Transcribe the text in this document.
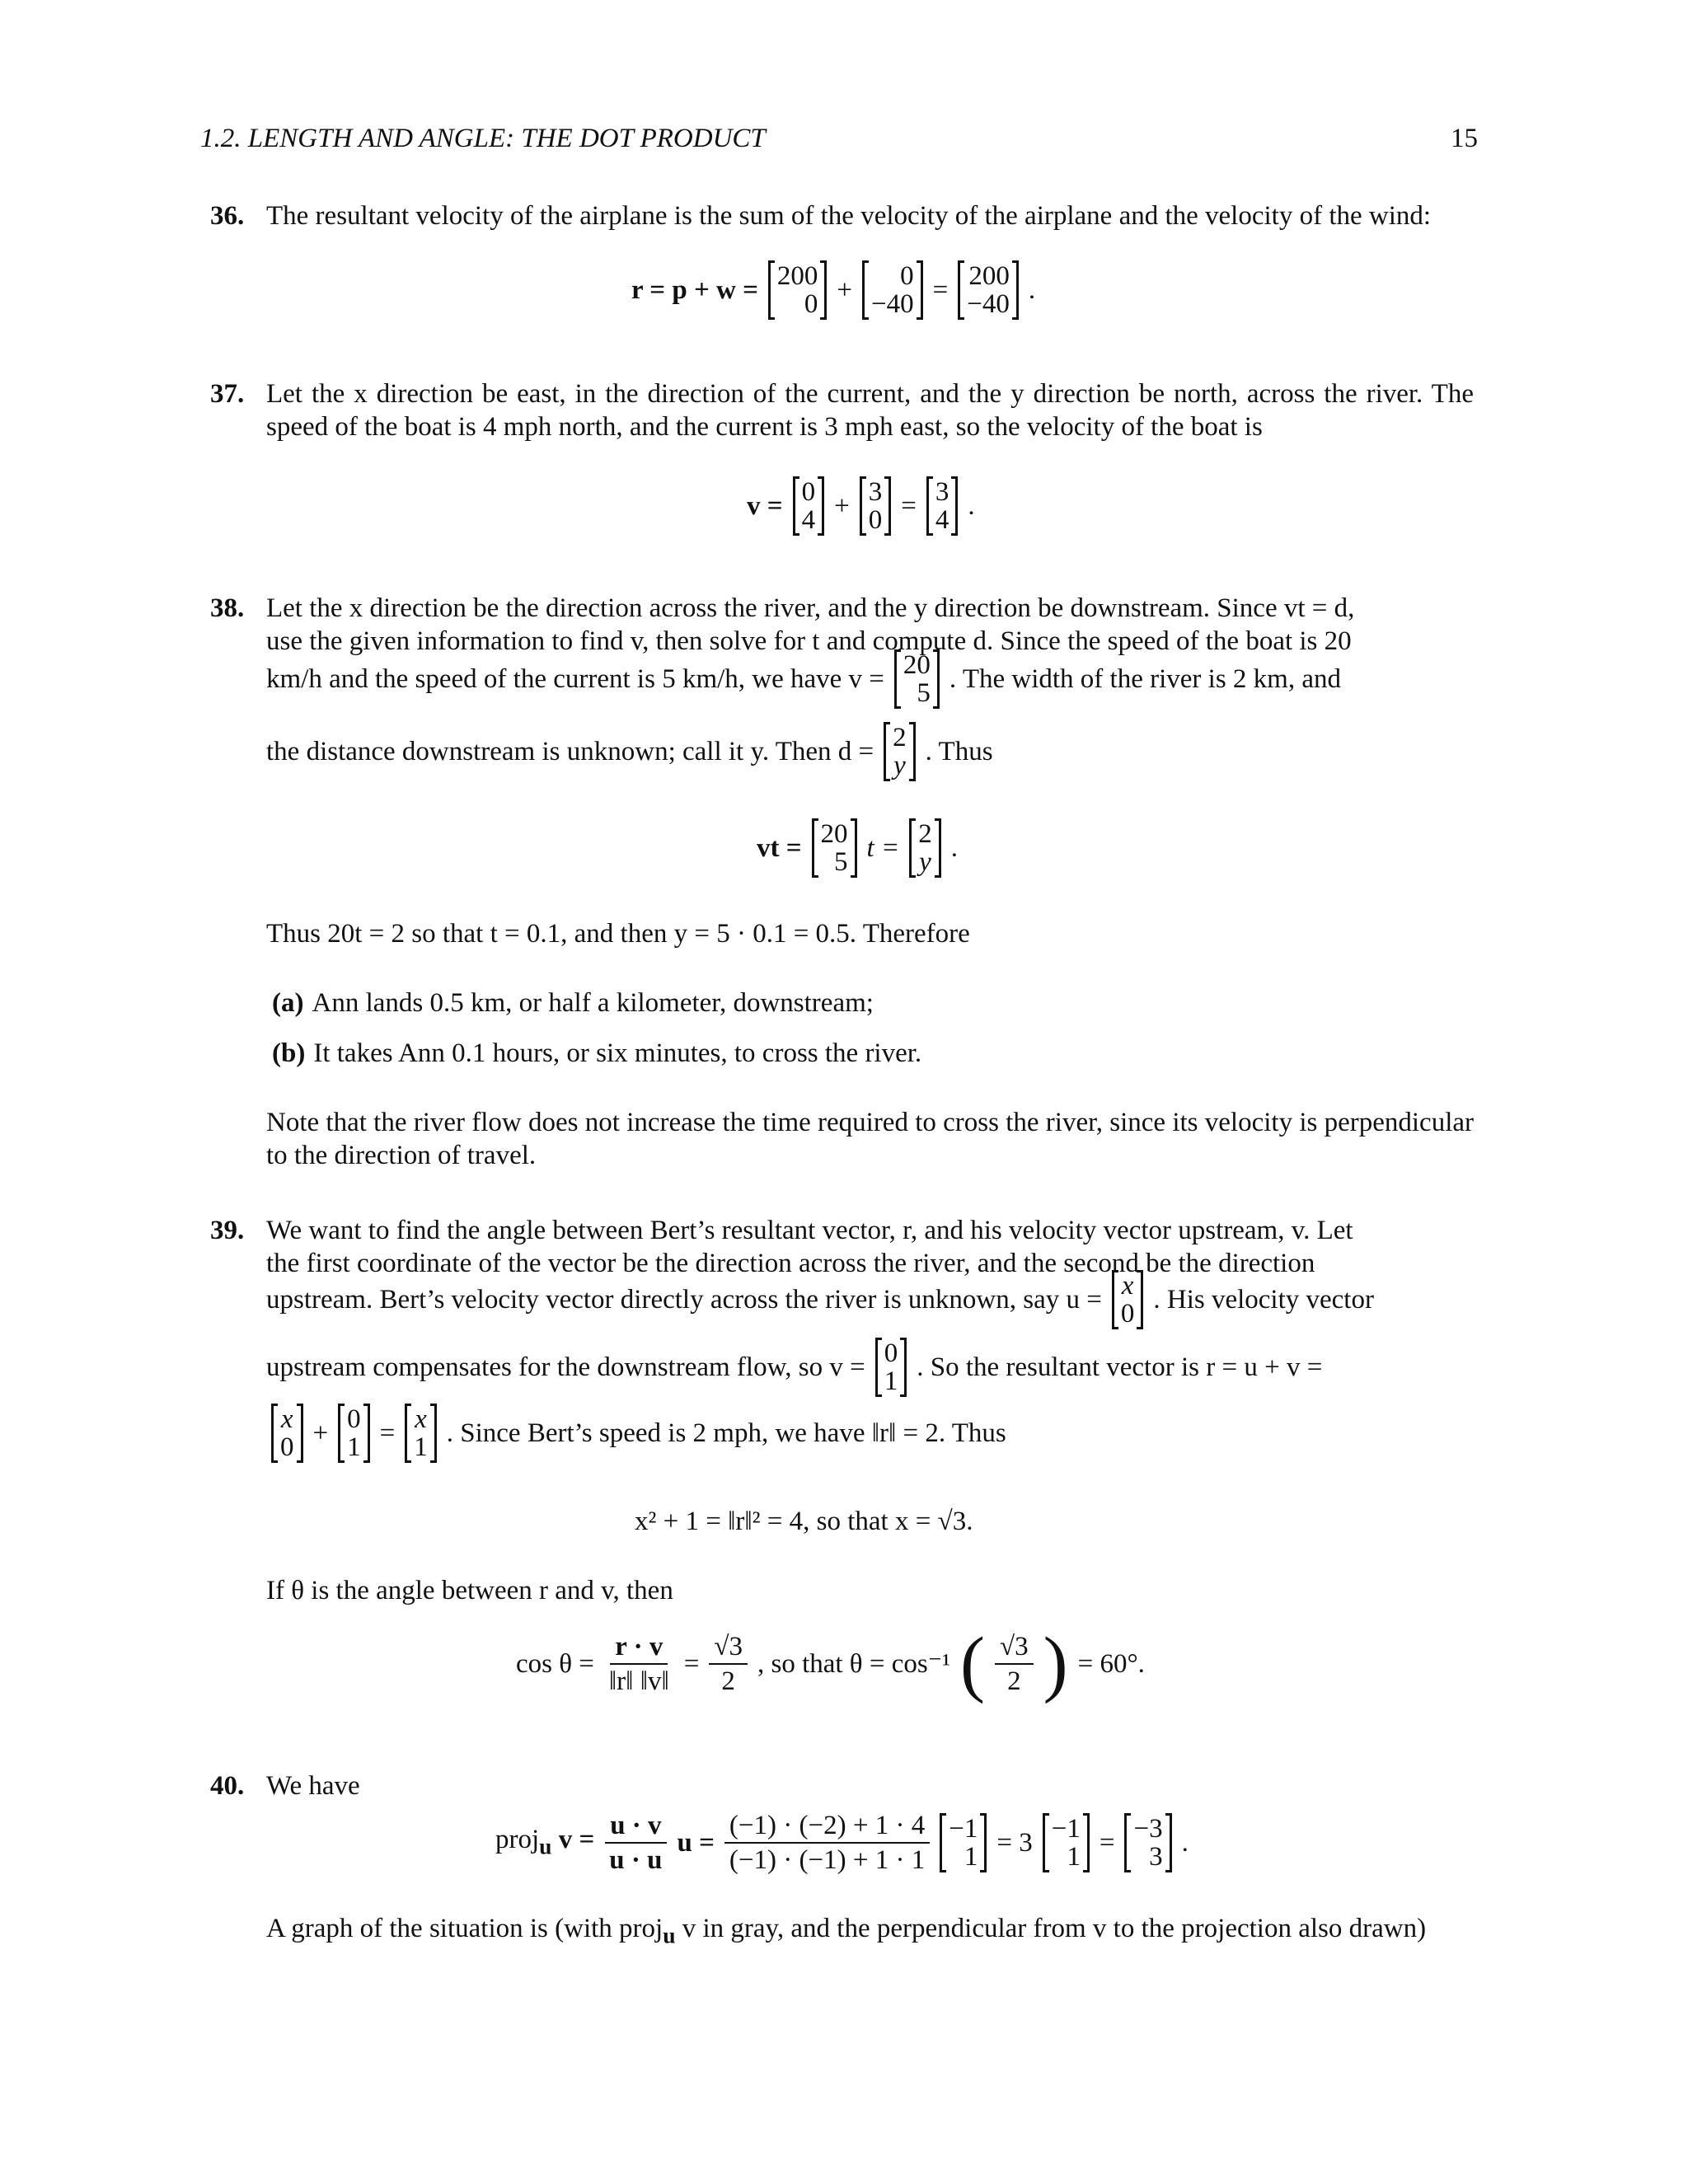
1.2. LENGTH AND ANGLE: THE DOT PRODUCT	15
36. The resultant velocity of the airplane is the sum of the velocity of the airplane and the velocity of the wind:
r = p + w = 200
0 + 0
−40 = 200
−40 .
37. Let the x direction be east, in the direction of the current, and the y direction be north, across the river. The speed of the boat is 4 mph north, and the current is 3 mph east, so the velocity of the boat is
v = 0
4 + 3
0 = 3
4 .
38. Let the x direction be the direction across the river, and the y direction be downstream. Since vt = d,
use the given information to find v, then solve for t and compute d. Since the speed of the boat is 20
km/h and the speed of the current is 5 km/h, we have v = 20
5 . The width of the river is 2 km, and
the distance downstream is unknown; call it y. Then d = 2
y . Thus
vt = 20
5 t = 2
y .
Thus 20t = 2 so that t = 0.1, and then y = 5 · 0.1 = 0.5. Therefore
(a) Ann lands 0.5 km, or half a kilometer, downstream;
(b) It takes Ann 0.1 hours, or six minutes, to cross the river.
Note that the river flow does not increase the time required to cross the river, since its velocity is perpendicular to the direction of travel.
39. We want to find the angle between Bert’s resultant vector, r, and his velocity vector upstream, v. Let
the first coordinate of the vector be the direction across the river, and the second be the direction
upstream. Bert’s velocity vector directly across the river is unknown, say u = x
0 . His velocity vector
upstream compensates for the downstream flow, so v = 0
1 . So the resultant vector is r = u + v =
x
0 + 0
1 = x
1 . Since Bert’s speed is 2 mph, we have ‖r‖ = 2. Thus
x² + 1 = ‖r‖² = 4, so that x = √3.
If θ is the angle between r and v, then
$\cos \theta = \frac{r \cdot v}{‖r‖ ‖v‖} = \frac{√3}{2}$ , so that θ = cos⁻¹ ( $\frac{√3}{2}$ ) = 60°.
40. We have
proj$_u$ $v = \frac{u \cdot v}{u \cdot u}$ $u = \frac{(-1) \cdot (-2) + 1 \cdot 4}{(-1) \cdot (-1) + 1 \cdot 1} -1$
1 = 3 −1
1 = −3
3 .
A graph of the situation is (with proj$_u$ v in gray, and the perpendicular from v to the projection also drawn)
